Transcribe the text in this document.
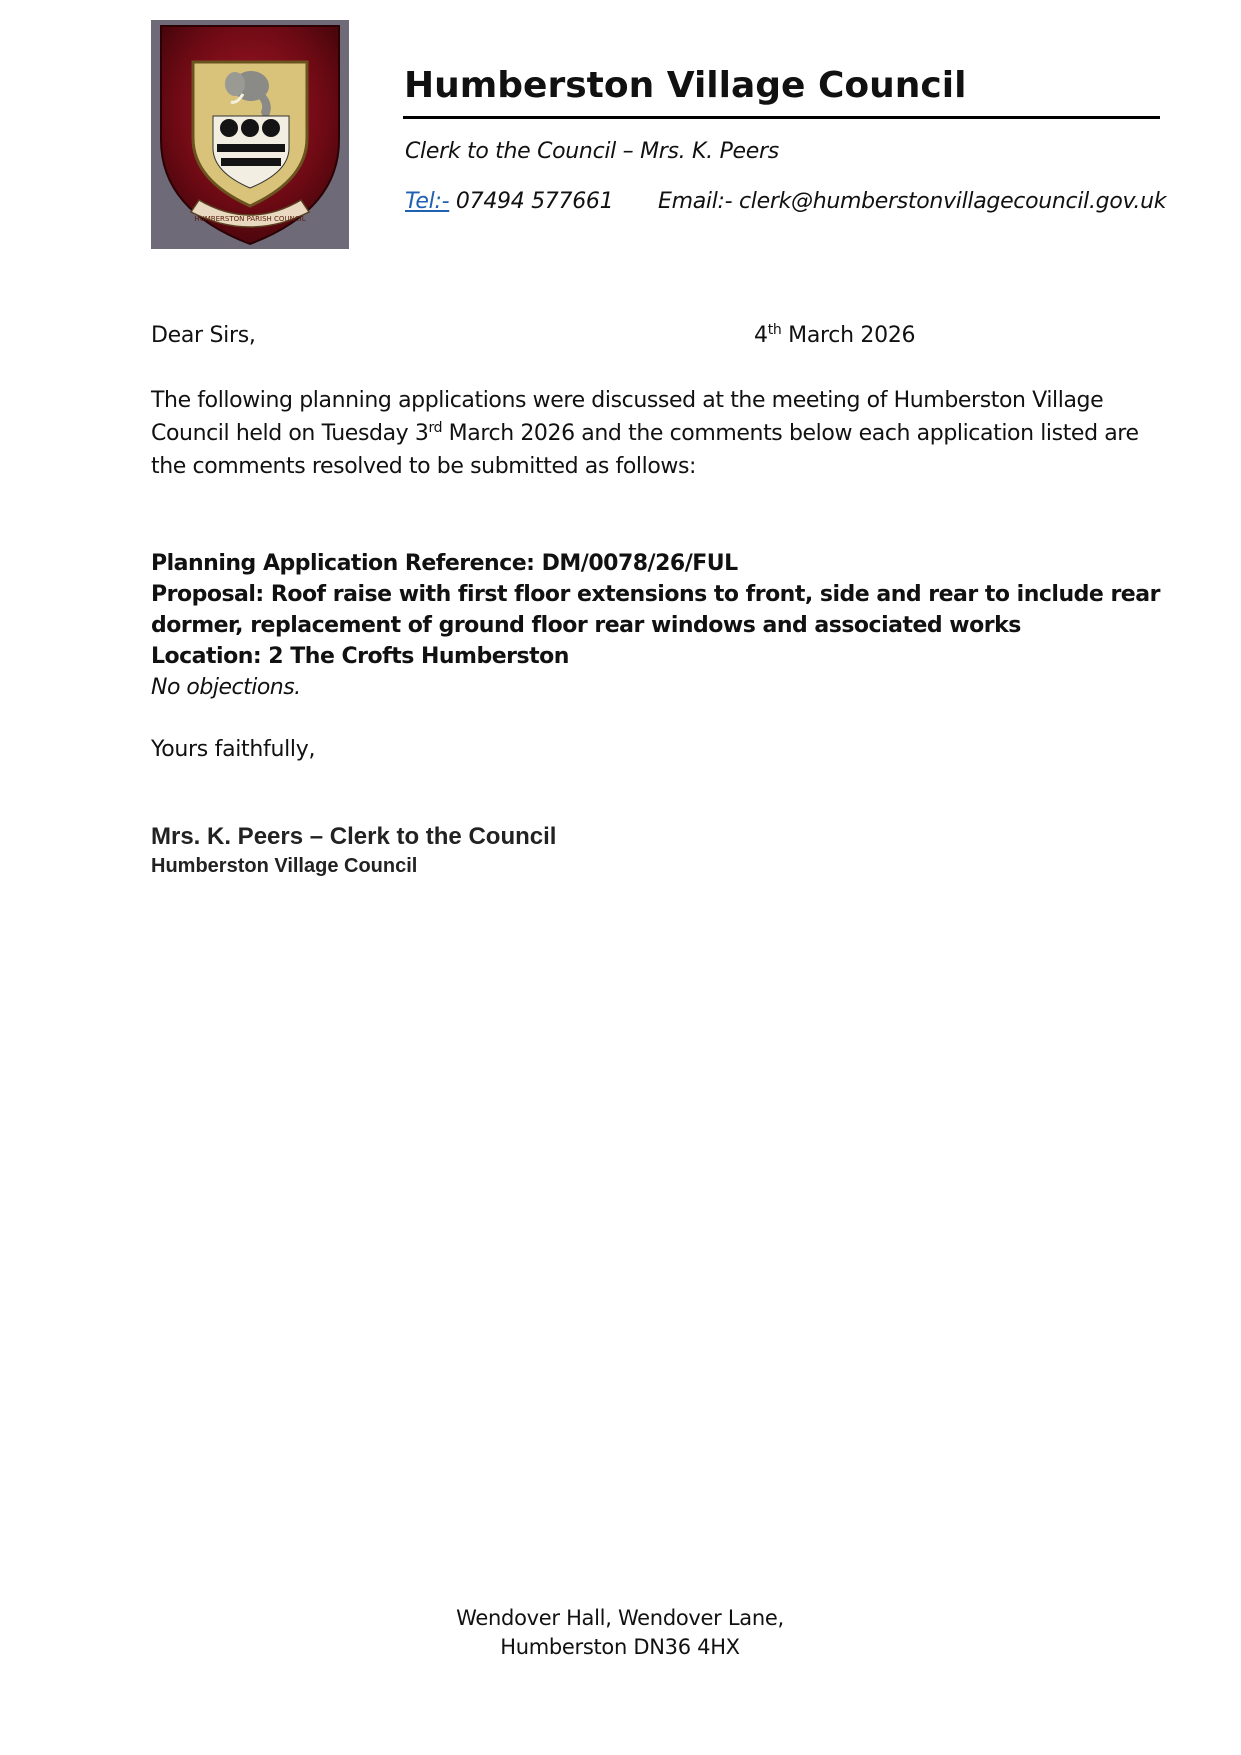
HUMBERSTON PARISH COUNCIL
Humberston Village Council
Clerk to the Council – Mrs. K. Peers
Tel:- 07494 577661 Email:- clerk@humberstonvillagecouncil.gov.uk
Dear Sirs,	4th March 2026
The following planning applications were discussed at the meeting of Humberston Village Council held on Tuesday 3rd March 2026 and the comments below each application listed are the comments resolved to be submitted as follows:
Planning Application Reference: DM/0078/26/FUL
Proposal: Roof raise with first floor extensions to front, side and rear to include rear
dormer, replacement of ground floor rear windows and associated works
Location: 2 The Crofts Humberston
No objections.
Yours faithfully,
Mrs. K. Peers – Clerk to the Council
Humberston Village Council
Wendover Hall, Wendover Lane,
Humberston DN36 4HX
